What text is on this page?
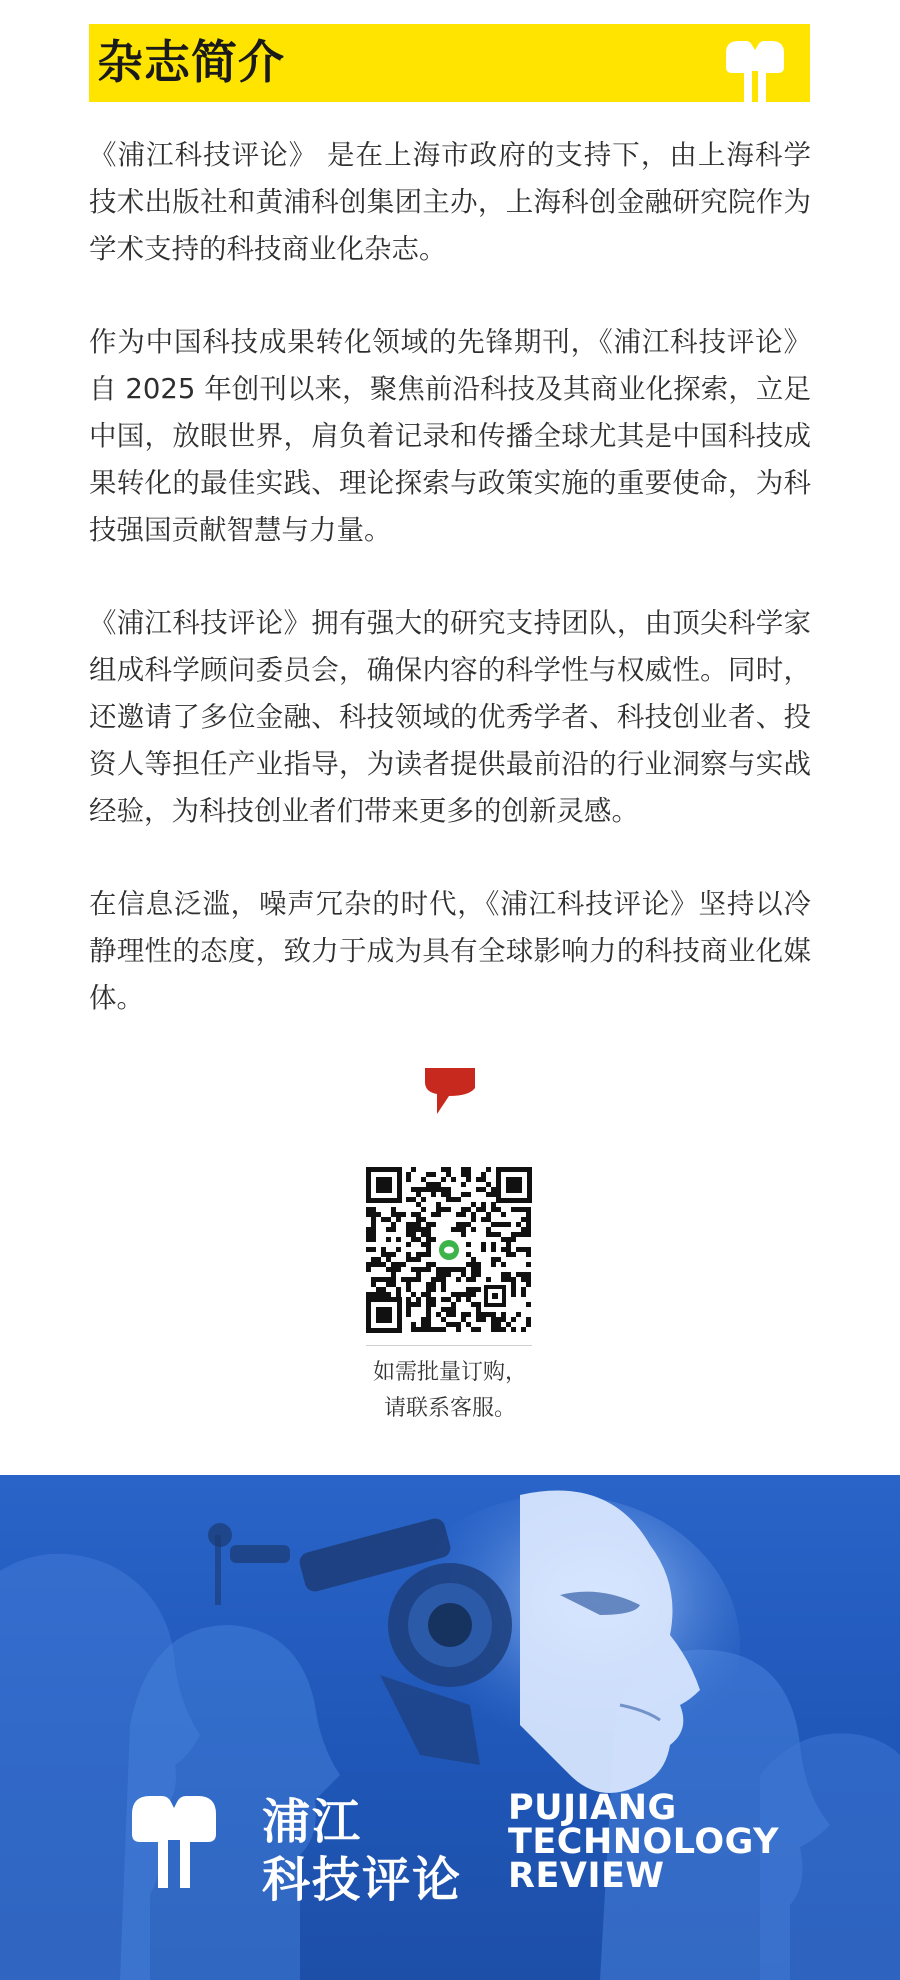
杂志简介

《浦江科技评论》 是在上海市政府的支持下，由上海科学技术出版社和黄浦科创集团主办，上海科创金融研究院作为学术支持的科技商业化杂志。

作为中国科技成果转化领域的先锋期刊，《浦江科技评论》自 2025 年创刊以来，聚焦前沿科技及其商业化探索，立足中国，放眼世界，肩负着记录和传播全球尤其是中国科技成果转化的最佳实践、理论探索与政策实施的重要使命，为科技强国贡献智慧与力量。

《浦江科技评论》拥有强大的研究支持团队，由顶尖科学家组成科学顾问委员会，确保内容的科学性与权威性。同时，还邀请了多位金融、科技领域的优秀学者、科技创业者、投资人等担任产业指导，为读者提供最前沿的行业洞察与实战经验，为科技创业者们带来更多的创新灵感。

在信息泛滥，噪声冗杂的时代，《浦江科技评论》坚持以冷静理性的态度，致力于成为具有全球影响力的科技商业化媒体。

如需批量订购，
请联系客服。
浦江
科技评论
PUJIANG
TECHNOLOGY
REVIEW
